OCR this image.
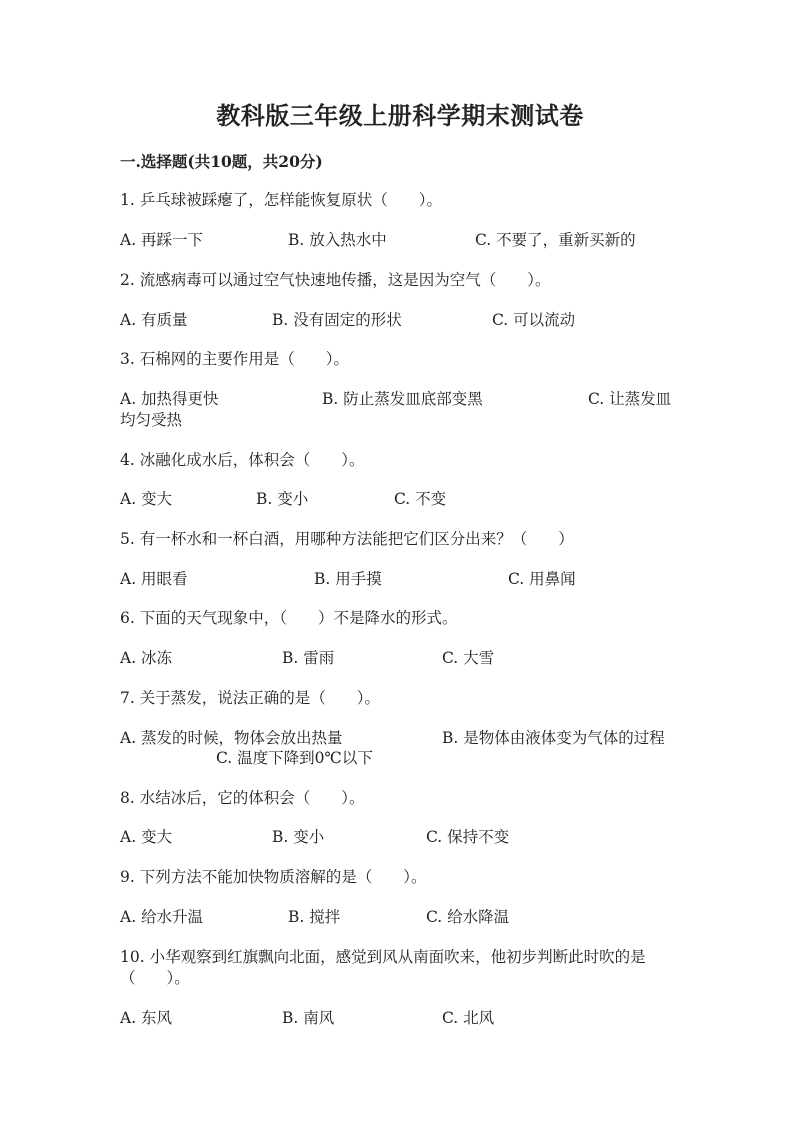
教科版三年级上册科学期末测试卷
一.选择题(共10题，共20分)
1. 乒乓球被踩瘪了，怎样能恢复原状（　　）。
A. 再踩一下	B. 放入热水中	C. 不要了，重新买新的
2. 流感病毒可以通过空气快速地传播，这是因为空气（　　）。
A. 有质量	B. 没有固定的形状	C. 可以流动
3. 石棉网的主要作用是（　　）。
A. 加热得更快	B. 防止蒸发皿底部变黑	C. 让蒸发皿
均匀受热
4. 冰融化成水后，体积会（　　）。
A. 变大	B. 变小	C. 不变
5. 有一杯水和一杯白酒，用哪种方法能把它们区分出来？（　　）
A. 用眼看	B. 用手摸	C. 用鼻闻
6. 下面的天气现象中，（　　）不是降水的形式。
A. 冰冻	B. 雷雨	C. 大雪
7. 关于蒸发，说法正确的是（　　）。
A. 蒸发的时候，物体会放出热量	B. 是物体由液体变为气体的过程
C. 温度下降到0℃以下
8. 水结冰后，它的体积会（　　）。
A. 变大	B. 变小	C. 保持不变
9. 下列方法不能加快物质溶解的是（　　）。
A. 给水升温	B. 搅拌	C. 给水降温
10. 小华观察到红旗飘向北面，感觉到风从南面吹来，他初步判断此时吹的是
（　　）。
A. 东风	B. 南风	C. 北风
